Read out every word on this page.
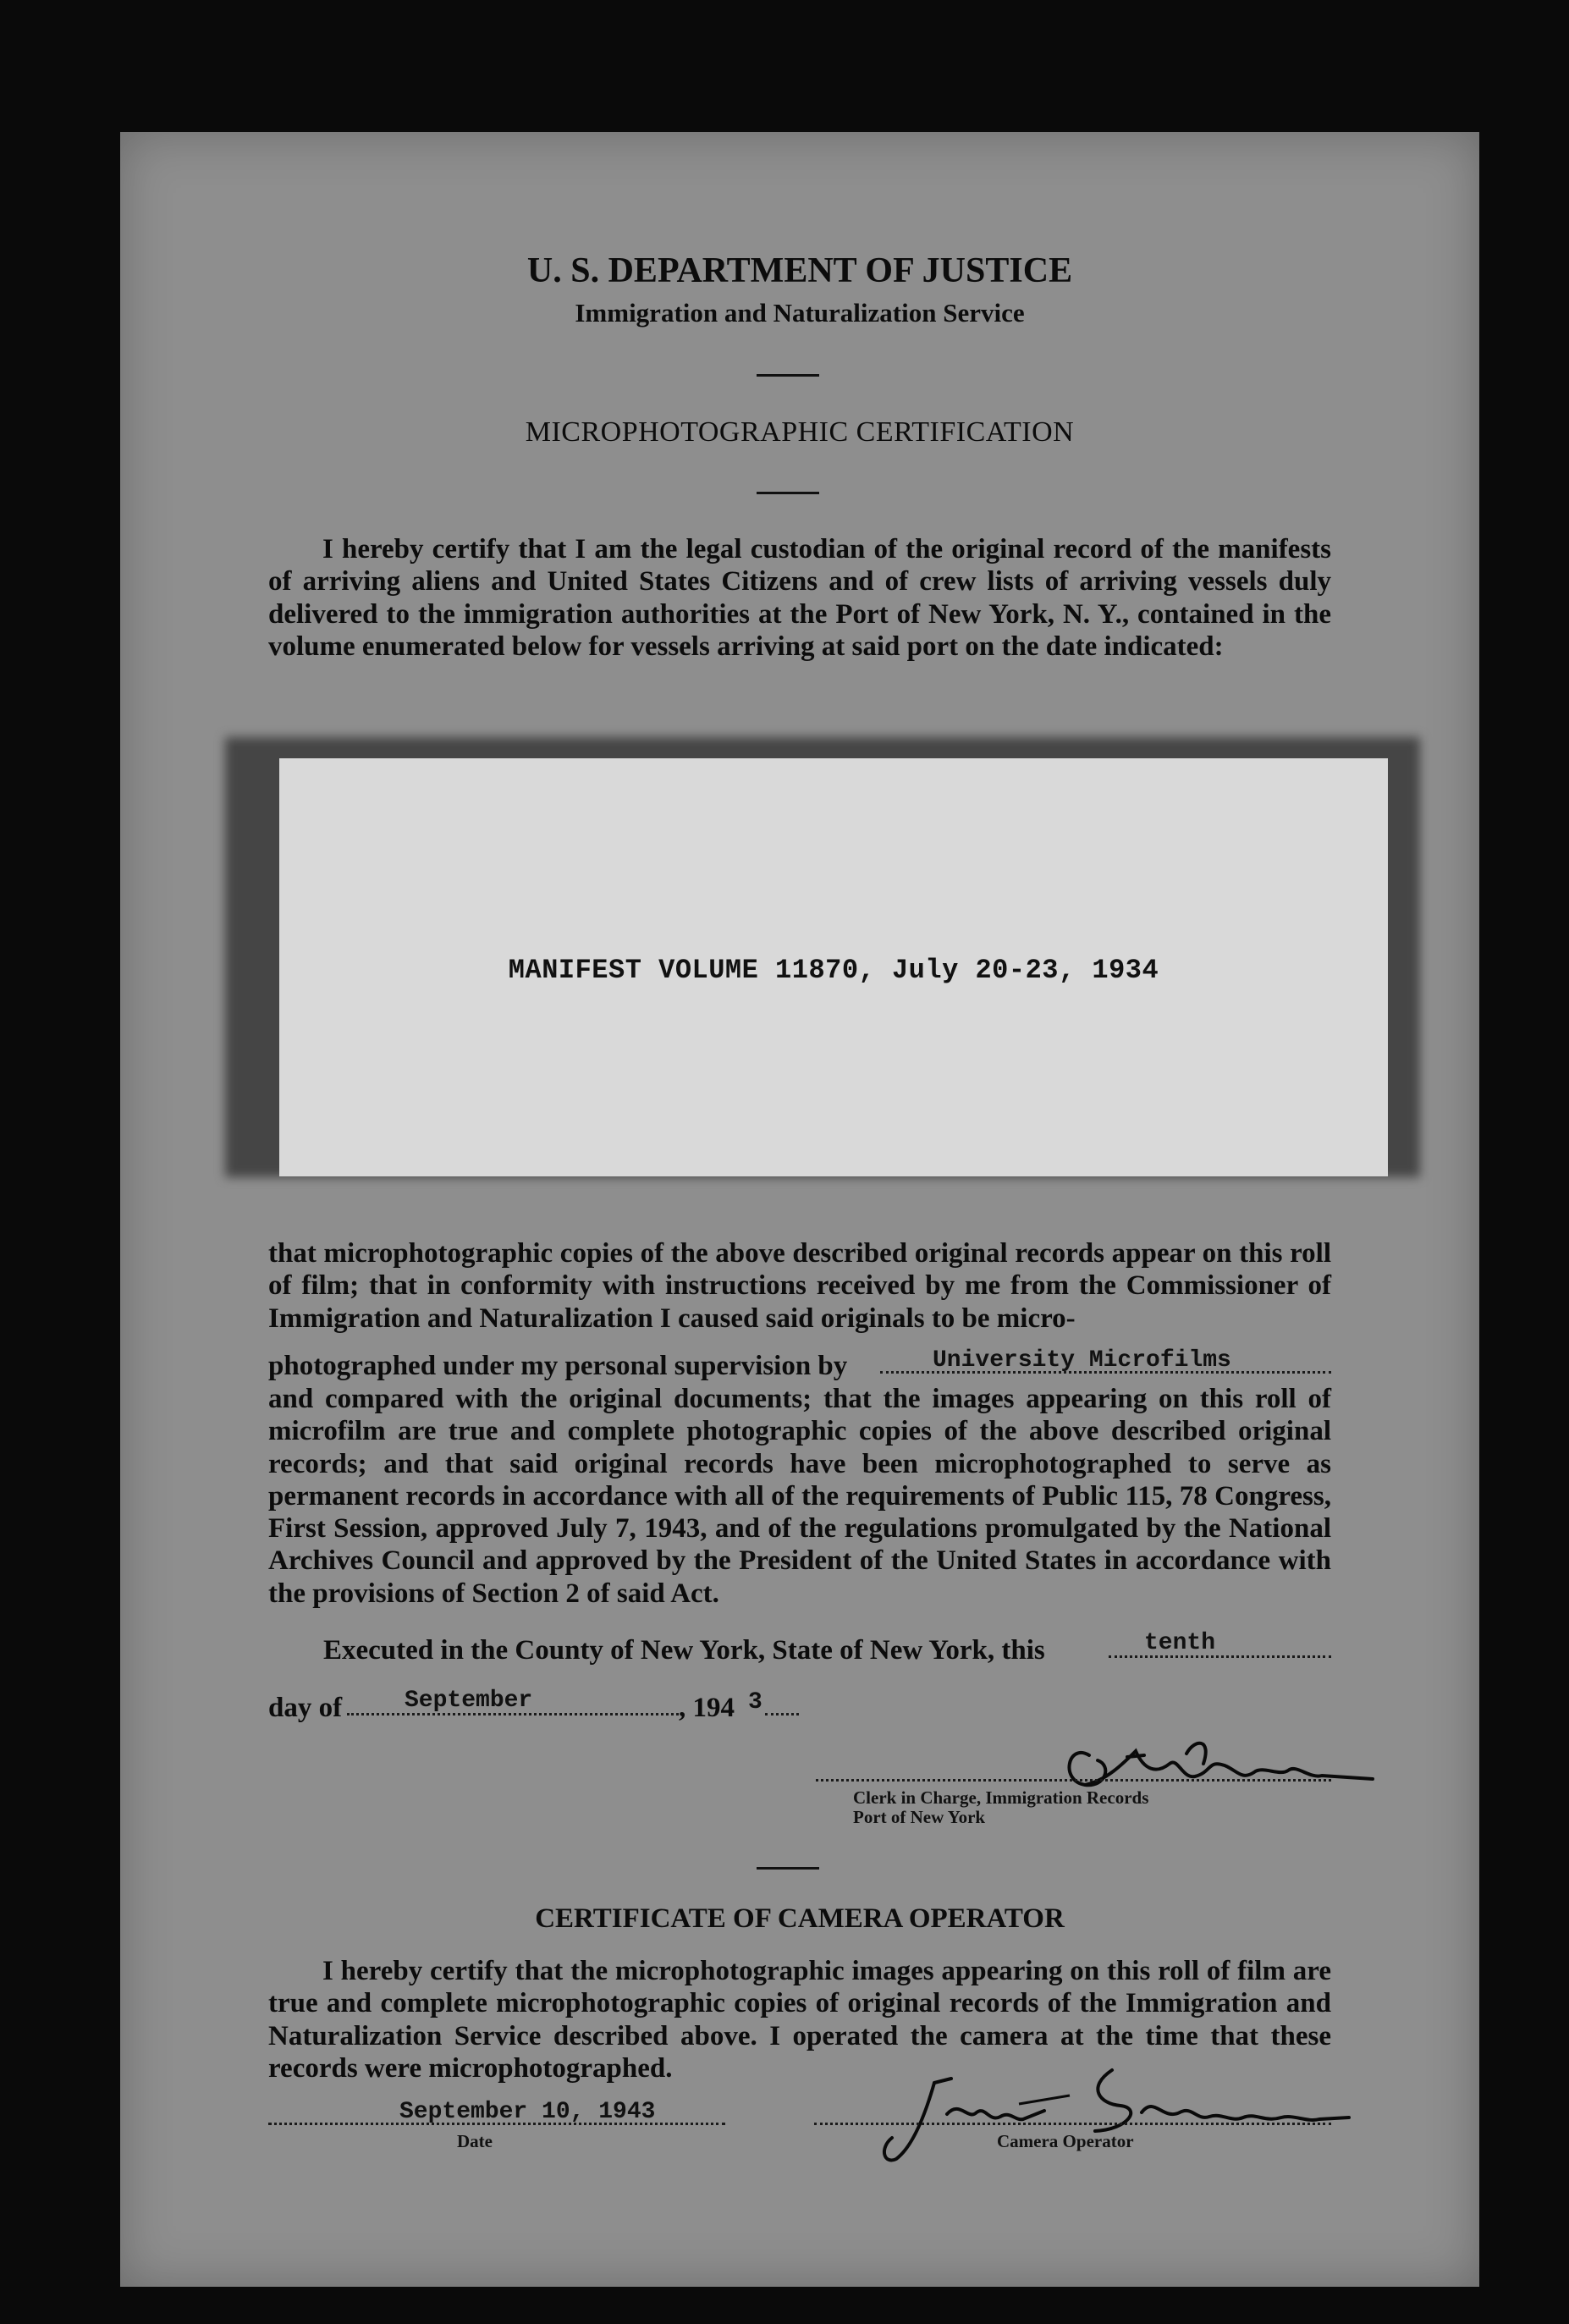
U. S. DEPARTMENT OF JUSTICE
Immigration and Naturalization Service
MICROPHOTOGRAPHIC CERTIFICATION
I hereby certify that I am the legal custodian of the original record of the manifests of arriving aliens and United States Citizens and of crew lists of arriving vessels duly delivered to the immigration authorities at the Port of New York, N. Y., contained in the volume enumerated below for vessels arriving at said port on the date indicated:
MANIFEST VOLUME 11870, July 20-23, 1934
that microphotographic copies of the above described original records appear on this roll of film; that in conformity with instructions received by me from the Commissioner of Immigration and Naturalization I caused said originals to be micro-
photographed under my personal supervision by	University Microfilms
and compared with the original documents; that the images appearing on this roll of microfilm are true and complete photographic copies of the above described original records; and that said original records have been microphotographed to serve as permanent records in accordance with all of the requirements of Public 115, 78 Congress, First Session, approved July 7, 1943, and of the regulations promulgated by the National Archives Council and approved by the President of the United States in accordance with the provisions of Section 2 of said Act.
Executed in the County of New York, State of New York, this	tenth
day of	September	, 194 3
Clerk in Charge, Immigration Records
Port of New York
CERTIFICATE OF CAMERA OPERATOR
I hereby certify that the microphotographic images appearing on this roll of film are true and complete microphotographic copies of original records of the Immigration and Naturalization Service described above. I operated the camera at the time that these records were microphotographed.
September 10, 1943
Date	Camera Operator
